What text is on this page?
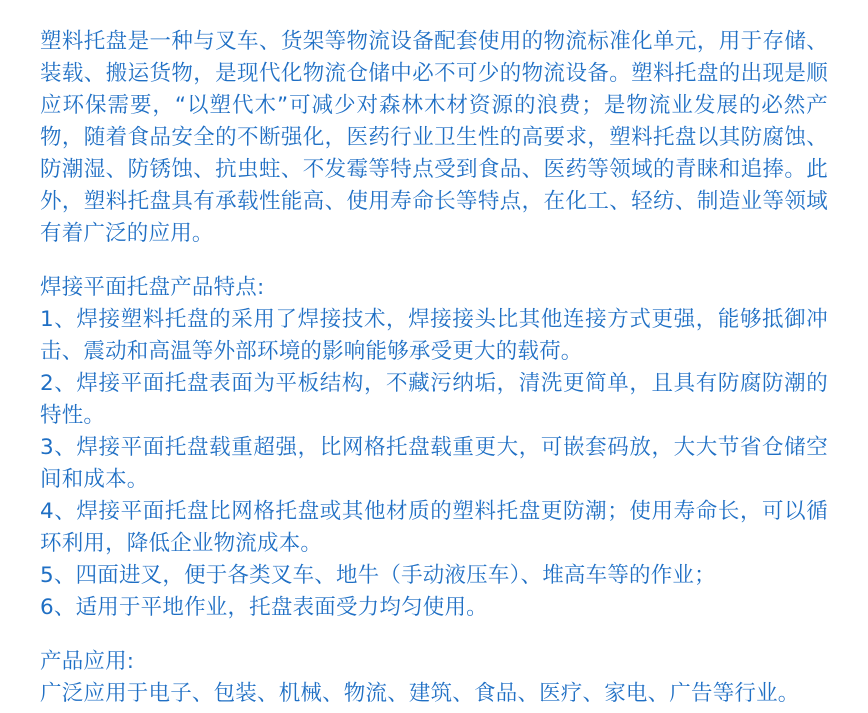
塑料托盘是一种与叉车、货架等物流设备配套使用的物流标准化单元，用于存储、装载、搬运货物，是现代化物流仓储中必不可少的物流设备。塑料托盘的出现是顺应环保需要，“以塑代木”可减少对森林木材资源的浪费；是物流业发展的必然产物，随着食品安全的不断强化，医药行业卫生性的高要求，塑料托盘以其防腐蚀、防潮湿、防锈蚀、抗虫蛀、不发霉等特点受到食品、医药等领域的青睐和追捧。此外，塑料托盘具有承载性能高、使用寿命长等特点，在化工、轻纺、制造业等领域有着广泛的应用。

焊接平面托盘产品特点:

1、焊接塑料托盘的采用了焊接技术，焊接接头比其他连接方式更强，能够抵御冲击、震动和高温等外部环境的影响能够承受更大的载荷。

2、焊接平面托盘表面为平板结构，不藏污纳垢，清洗更简单，且具有防腐防潮的特性。

3、焊接平面托盘载重超强，比网格托盘载重更大，可嵌套码放，大大节省仓储空间和成本。

4、焊接平面托盘比网格托盘或其他材质的塑料托盘更防潮；使用寿命长，可以循环利用，降低企业物流成本。

5、四面进叉，便于各类叉车、地牛（手动液压车）、堆高车等的作业；

6、适用于平地作业，托盘表面受力均匀使用。

产品应用:

广泛应用于电子、包装、机械、物流、建筑、食品、医疗、家电、广告等行业。
